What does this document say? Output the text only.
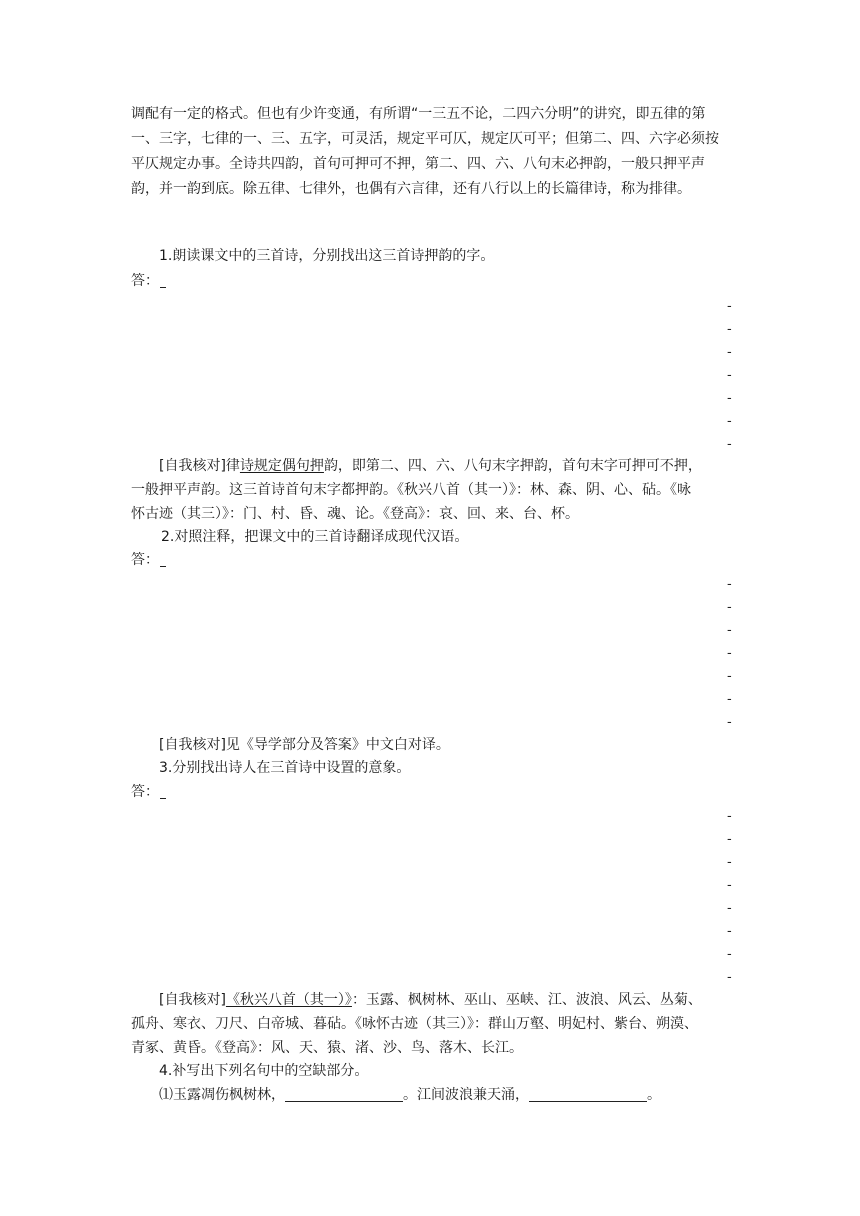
调配有一定的格式。但也有少许变通，有所谓“一三五不论，二四六分明”的讲究，即五律的第
一、三字，七律的一、三、五字，可灵活，规定平可仄，规定仄可平；但第二、四、六字必须按
平仄规定办事。全诗共四韵，首句可押可不押，第二、四、六、八句末必押韵，一般只押平声
韵，并一韵到底。除五律、七律外，也偶有六言律，还有八行以上的长篇律诗，称为排律。
1.朗读课文中的三首诗，分别找出这三首诗押韵的字。
答：
-
-
-
-
-
-
-
[自我核对]律诗规定偶句押韵，即第二、四、六、八句末字押韵，首句末字可押可不押，
一般押平声韵。这三首诗首句末字都押韵。《秋兴八首（其一）》：林、森、阴、心、砧。《咏
怀古迹（其三）》：门、村、昏、魂、论。《登高》：哀、回、来、台、杯。
2.对照注释，把课文中的三首诗翻译成现代汉语。
答：
-
-
-
-
-
-
-
[自我核对]见《导学部分及答案》中文白对译。
3.分别找出诗人在三首诗中设置的意象。
答：
-
-
-
-
-
-
-
-
[自我核对]《秋兴八首（其一）》：玉露、枫树林、巫山、巫峡、江、波浪、风云、丛菊、
孤舟、寒衣、刀尺、白帝城、暮砧。《咏怀古迹（其三）》：群山万壑、明妃村、紫台、朔漠、
青冢、黄昏。《登高》：风、天、猿、渚、沙、鸟、落木、长江。
4.补写出下列名句中的空缺部分。
⑴玉露凋伤枫树林，	。江间波浪兼天涌，	。
